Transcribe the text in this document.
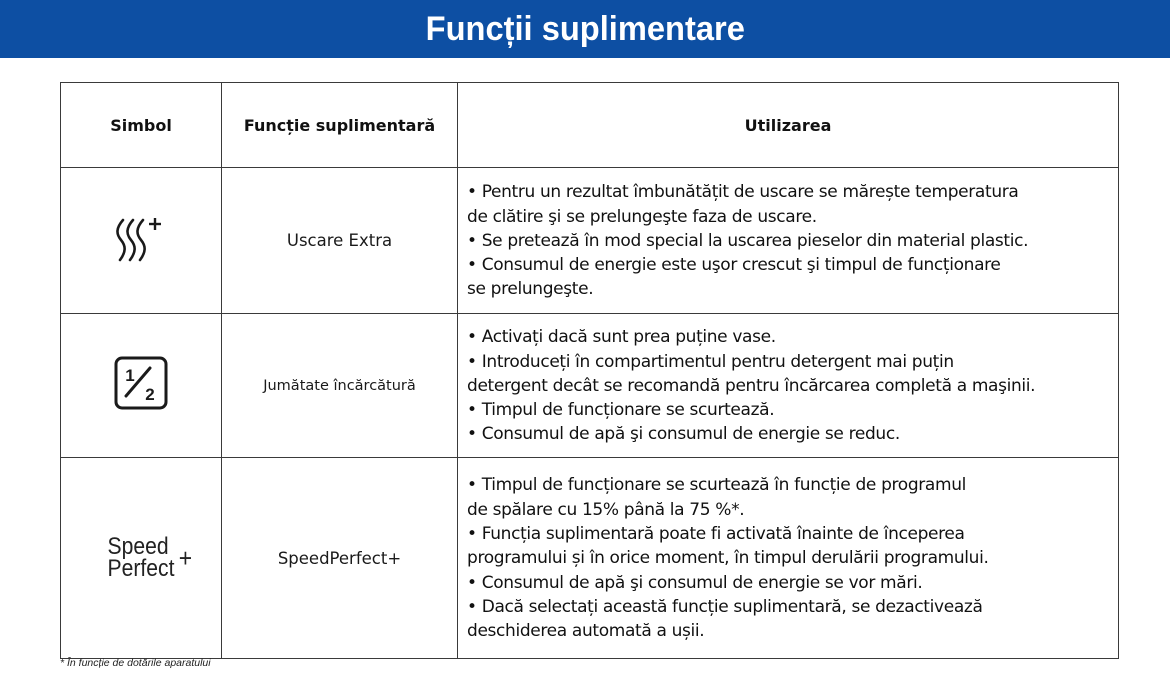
Funcții suplimentare
Simbol	Funcție suplimentară	Utilizarea
	Uscare Extra	• Pentru un rezultat îmbunătățit de uscare se mărește temperatura
de clătire şi se prelungeşte faza de uscare.
• Se pretează în mod special la uscarea pieselor din material plastic.
• Consumul de energie este uşor crescut şi timpul de funcționare
se prelungeşte.

1
2	Jumătate încărcătură	• Activați dacă sunt prea puține vase.
• Introduceți în compartimentul pentru detergent mai puțin
detergent decât se recomandă pentru încărcarea completă a maşinii.
• Timpul de funcționare se scurtează.
• Consumul de apă şi consumul de energie se reduc.

Speed
Perfect +	SpeedPerfect+	
• Timpul de funcționare se scurtează în funcție de programul
de spălare cu 15% până la 75 %*.
• Funcția suplimentară poate fi activată înainte de începerea
programului și în orice moment, în timpul derulării programului.
• Consumul de apă şi consumul de energie se vor mări.
• Dacă selectați această funcție suplimentară, se dezactivează
deschiderea automată a ușii.
* În funcție de dotările aparatului
